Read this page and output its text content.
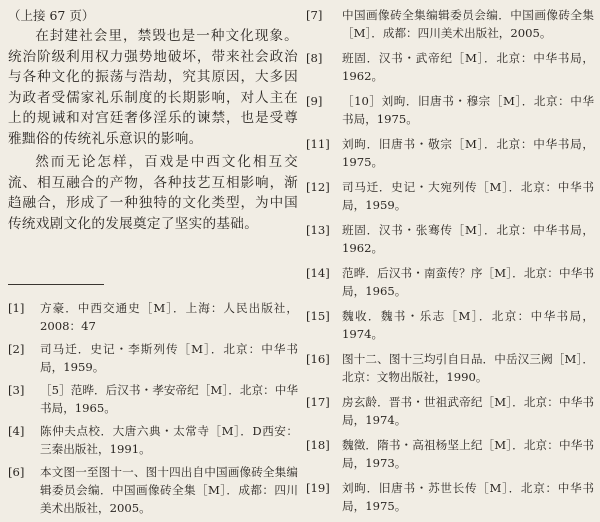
（上接 67 页）

在封建社会里，禁毁也是一种文化现象。统治阶级利用权力强势地破坏，带来社会政治与各种文化的振荡与浩劫，究其原因，大多因为政者受儒家礼乐制度的长期影响，对人主在上的规诫和对宫廷奢侈淫乐的谏禁，也是受尊雅黜俗的传统礼乐意识的影响。

然而无论怎样，百戏是中西文化相互交流、相互融合的产物，各种技艺互相影响，渐趋融合，形成了一种独特的文化类型，为中国传统戏剧文化的发展奠定了坚实的基础。

[1]	方豪．中西交通史［M］．上海：人民出版社，2008：47
[2]	司马迁．史记・李斯列传［M］．北京：中华书局，1959。
[3]	［5］范晔．后汉书・孝安帝纪［M］．北京：中华书局，1965。
[4]	陈仲夫点校．大唐六典・太常寺［M］．D西安：三秦出版社，1991。
[6]	本文图一至图十一、图十四出自中国画像砖全集编辑委员会编．中国画像砖全集［M］．成都：四川美术出版社，2005。
[7]	中国画像砖全集编辑委员会编．中国画像砖全集［M］．成都：四川美术出版社，2005。
[8]	班固．汉书・武帝纪［M］．北京：中华书局，1962。
[9]	［10］刘昫．旧唐书・穆宗［M］．北京：中华书局，1975。
[11]	刘昫．旧唐书・敬宗［M］．北京：中华书局，1975。
[12]	司马迁．史记・大宛列传［M］．北京：中华书局，1959。
[13]	班固．汉书・张骞传［M］．北京：中华书局，1962。
[14]	范晔．后汉书・南蛮传？序［M］．北京：中华书局，1965。
[15]	魏收．魏书・乐志［M］．北京：中华书局，1974。
[16]	图十二、图十三均引自日品．中岳汉三阙［M］．北京：文物出版社，1990。
[17]	房玄龄．晋书・世祖武帝纪［M］．北京：中华书局，1974。
[18]	魏徵．隋书・高祖杨坚上纪［M］．北京：中华书局，1973。
[19]	刘昫．旧唐书・苏世长传［M］．北京：中华书局，1975。
